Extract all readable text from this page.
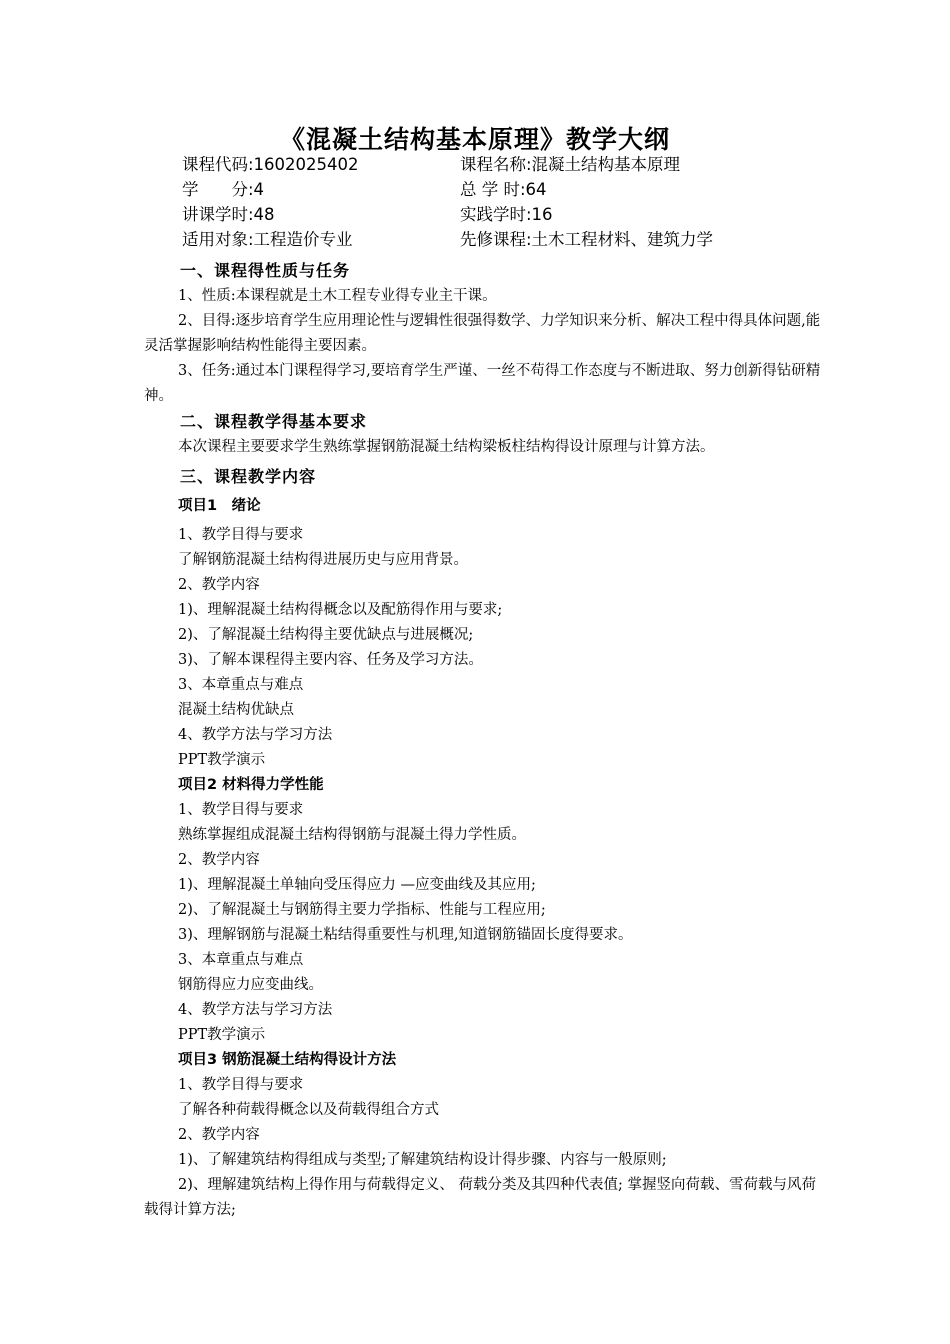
《混凝土结构基本原理》教学大纲
课程代码:1602025402	课程名称:混凝土结构基本原理
学　　分:4	总 学 时:64
讲课学时:48	实践学时:16
适用对象:工程造价专业	先修课程:土木工程材料、建筑力学
一、课程得性质与任务
1、性质:本课程就是土木工程专业得专业主干课。
2、目得:逐步培育学生应用理论性与逻辑性很强得数学、力学知识来分析、解决工程中得具体问题,能灵活掌握影响结构性能得主要因素。
3、任务:通过本门课程得学习,要培育学生严谨、一丝不苟得工作态度与不断进取、努力创新得钻研精神。
二、课程教学得基本要求
本次课程主要要求学生熟练掌握钢筋混凝土结构梁板柱结构得设计原理与计算方法。
三、课程教学内容
项目1　绪论
1、教学目得与要求
了解钢筋混凝土结构得进展历史与应用背景。
2、教学内容
1)、理解混凝土结构得概念以及配筋得作用与要求;
2)、了解混凝土结构得主要优缺点与进展概况;
3)、了解本课程得主要内容、任务及学习方法。
3、本章重点与难点
混凝土结构优缺点
4、教学方法与学习方法
PPT教学演示
项目2 材料得力学性能
1、教学目得与要求
熟练掌握组成混凝土结构得钢筋与混凝土得力学性质。
2、教学内容
1)、理解混凝土单轴向受压得应力 —应变曲线及其应用;
2)、了解混凝土与钢筋得主要力学指标、性能与工程应用;
3)、理解钢筋与混凝土粘结得重要性与机理,知道钢筋锚固长度得要求。
3、本章重点与难点
钢筋得应力应变曲线。
4、教学方法与学习方法
PPT教学演示
项目3 钢筋混凝土结构得设计方法
1、教学目得与要求
了解各种荷载得概念以及荷载得组合方式
2、教学内容
1)、了解建筑结构得组成与类型;了解建筑结构设计得步骤、内容与一般原则;
2)、理解建筑结构上得作用与荷载得定义、 荷载分类及其四种代表值; 掌握竖向荷载、雪荷载与风荷载得计算方法;
